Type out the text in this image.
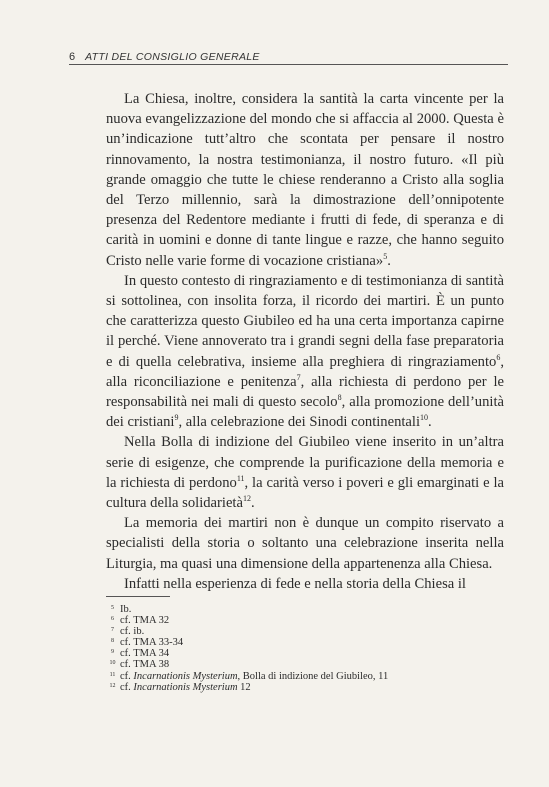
6 ATTI DEL CONSIGLIO GENERALE

La Chiesa, inoltre, considera la santità la carta vincente per la nuova evangelizzazione del mondo che si affaccia al 2000. Questa è un’indicazione tutt’altro che scontata per pensare il nostro rinnovamento, la nostra testimonianza, il nostro futuro. «Il più grande omaggio che tutte le chiese renderanno a Cristo alla soglia del Terzo millennio, sarà la dimostrazione dell’onnipotente presenza del Redentore mediante i frutti di fede, di speranza e di carità in uomini e donne di tante lingue e razze, che hanno seguito Cristo nelle varie forme di vocazione cristiana»$^5$.

In questo contesto di ringraziamento e di testimonianza di santità si sottolinea, con insolita forza, il ricordo dei martiri. È un punto che caratterizza questo Giubileo ed ha una certa importanza capirne il perché. Viene annoverato tra i grandi segni della fase preparatoria e di quella celebrativa, insieme alla preghiera di ringraziamento$^6$, alla riconciliazione e penitenza$^7$, alla richiesta di perdono per le responsabilità nei mali di questo secolo$^8$, alla promozione dell’unità dei cristiani$^9$, alla celebrazione dei Sinodi continentali$^{10}$.

Nella Bolla di indizione del Giubileo viene inserito in un’altra serie di esigenze, che comprende la purificazione della memoria e la richiesta di perdono$^{11}$, la carità verso i poveri e gli emarginati e la cultura della solidarietà$^{12}$.

La memoria dei martiri non è dunque un compito riservato a specialisti della storia o soltanto una celebrazione inserita nella Liturgia, ma quasi una dimensione della appartenenza alla Chiesa.

Infatti nella esperienza di fede e nella storia della Chiesa il

5 Ib.
6 cf. TMA 32
7 cf. ib.
8 cf. TMA 33-34
9 cf. TMA 34
10 cf. TMA 38
11 cf. Incarnationis Mysterium, Bolla di indizione del Giubileo, 11
12 cf. Incarnationis Mysterium 12
